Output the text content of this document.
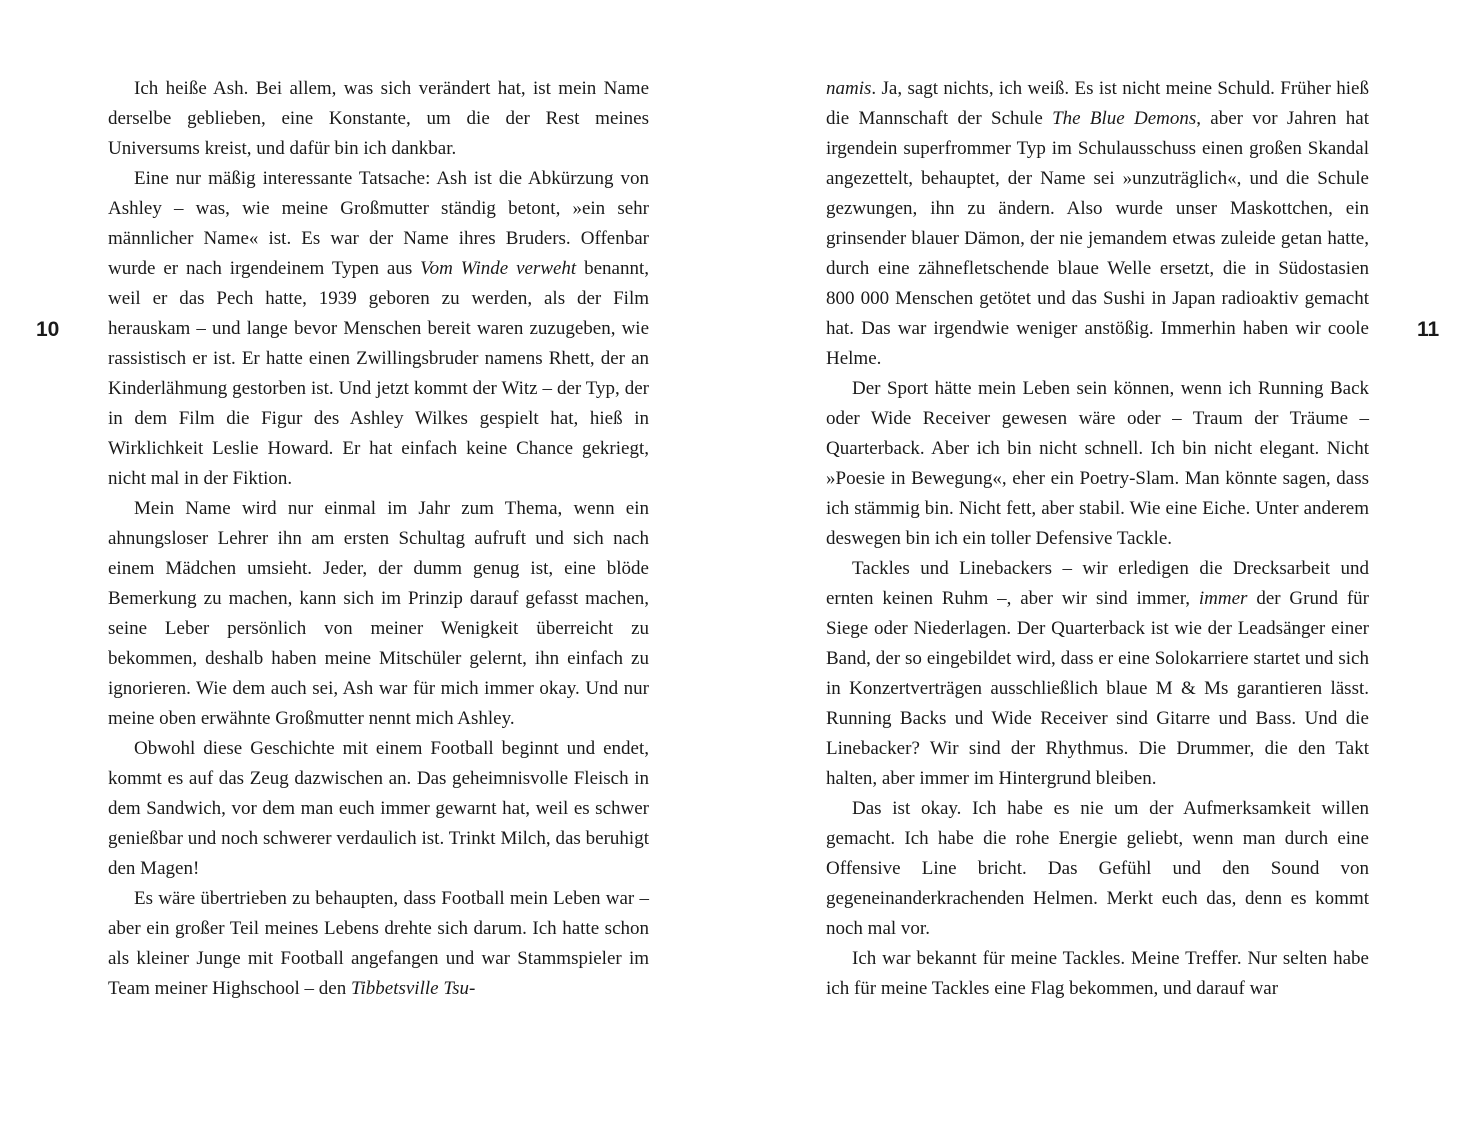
10

Ich heiße Ash. Bei allem, was sich verändert hat, ist mein Name derselbe geblieben, eine Konstante, um die der Rest meines Universums kreist, und dafür bin ich dankbar.

Eine nur mäßig interessante Tatsache: Ash ist die Abkürzung von Ashley – was, wie meine Großmutter ständig betont, »ein sehr männlicher Name« ist. Es war der Name ihres Bruders. Offenbar wurde er nach irgendeinem Typen aus Vom Winde verweht benannt, weil er das Pech hatte, 1939 geboren zu werden, als der Film herauskam – und lange bevor Menschen bereit waren zuzugeben, wie rassistisch er ist. Er hatte einen Zwillingsbruder namens Rhett, der an Kinderlähmung gestorben ist. Und jetzt kommt der Witz – der Typ, der in dem Film die Figur des Ashley Wilkes gespielt hat, hieß in Wirklichkeit Leslie Howard. Er hat einfach keine Chance gekriegt, nicht mal in der Fiktion.

Mein Name wird nur einmal im Jahr zum Thema, wenn ein ahnungsloser Lehrer ihn am ersten Schultag aufruft und sich nach einem Mädchen umsieht. Jeder, der dumm genug ist, eine blöde Bemerkung zu machen, kann sich im Prinzip darauf gefasst machen, seine Leber persönlich von meiner Wenigkeit überreicht zu bekommen, deshalb haben meine Mitschüler gelernt, ihn einfach zu ignorieren. Wie dem auch sei, Ash war für mich immer okay. Und nur meine oben erwähnte Großmutter nennt mich Ashley.

Obwohl diese Geschichte mit einem Football beginnt und endet, kommt es auf das Zeug dazwischen an. Das geheimnisvolle Fleisch in dem Sandwich, vor dem man euch immer gewarnt hat, weil es schwer genießbar und noch schwerer verdaulich ist. Trinkt Milch, das beruhigt den Magen!

Es wäre übertrieben zu behaupten, dass Football mein Leben war – aber ein großer Teil meines Lebens drehte sich darum. Ich hatte schon als kleiner Junge mit Football angefangen und war Stammspieler im Team meiner Highschool – den Tibbetsville Tsu-

namis. Ja, sagt nichts, ich weiß. Es ist nicht meine Schuld. Früher hieß die Mannschaft der Schule The Blue Demons, aber vor Jahren hat irgendein superfrommer Typ im Schulausschuss einen großen Skandal angezettelt, behauptet, der Name sei »unzuträglich«, und die Schule gezwungen, ihn zu ändern. Also wurde unser Maskottchen, ein grinsender blauer Dämon, der nie jemandem etwas zuleide getan hatte, durch eine zähnefletschende blaue Welle ersetzt, die in Südostasien 800 000 Menschen getötet und das Sushi in Japan radioaktiv gemacht hat. Das war irgendwie weniger anstößig. Immerhin haben wir coole Helme.

Der Sport hätte mein Leben sein können, wenn ich Running Back oder Wide Receiver gewesen wäre oder – Traum der Träume – Quarterback. Aber ich bin nicht schnell. Ich bin nicht elegant. Nicht »Poesie in Bewegung«, eher ein Poetry-Slam. Man könnte sagen, dass ich stämmig bin. Nicht fett, aber stabil. Wie eine Eiche. Unter anderem deswegen bin ich ein toller Defensive Tackle.

Tackles und Linebackers – wir erledigen die Drecksarbeit und ernten keinen Ruhm –, aber wir sind immer, immer der Grund für Siege oder Niederlagen. Der Quarterback ist wie der Leadsänger einer Band, der so eingebildet wird, dass er eine Solokarriere startet und sich in Konzertverträgen ausschließlich blaue M & Ms garantieren lässt. Running Backs und Wide Receiver sind Gitarre und Bass. Und die Linebacker? Wir sind der Rhythmus. Die Drummer, die den Takt halten, aber immer im Hintergrund bleiben.

Das ist okay. Ich habe es nie um der Aufmerksamkeit willen gemacht. Ich habe die rohe Energie geliebt, wenn man durch eine Offensive Line bricht. Das Gefühl und den Sound von gegeneinanderkrachenden Helmen. Merkt euch das, denn es kommt noch mal vor.

Ich war bekannt für meine Tackles. Meine Treffer. Nur selten habe ich für meine Tackles eine Flag bekommen, und darauf war

11
